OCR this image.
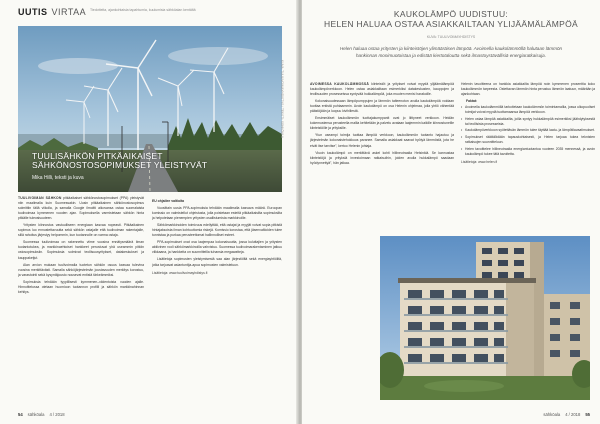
UUTIS VIRTAA Tiedotteita, ajankohtaisia tapahtumia, kuulumisia sähköalan kentältä
TUULISÄHKÖN PITKÄAIKAISET
SÄHKÖNOSTOSOPIMUKSET YLEISTYVÄT
Mika Hilli, teksti ja kuva
KUVA: TUULIVOIMAYHDISTYS / TEKSTI: SÄHKÖALA

TUULIVOIMAN SÄHKÖN pitkäaikaiset sähkönostosopimukset (PPA) yleistyvät niin maailmalla kuin Suomessakin. Uusin pitkäaikainen sähkönostosopimus solmittiin tällä viikolla, ja samalla Google ilmoitti aikovansa ostaa suomalaista tuulivoimaa kymmenen vuoden ajan. Sopimuksella varmistetaan sähkön hinta pitkälle tulevaisuuteen.

Yritysten kiinnostus vastuulliseen energiaan kasvaa nopeasti. Pitkäaikainen sopimus luo ennustettavuutta sekä sähkön ostajalle että tuulivoiman rakentajalle, sillä rahoitus järjestyy helpommin, kun tuotannolle on varma ostaja.

Suomessa tuulivoimaa on rakennettu viime vuosina ennätysmäärä ilman tuotantotukea, ja markkinaehtoiset hankkeet perustuvat yhä useammin pitkiin ostosopimuksiin. Sopimuksia solmivat teollisuusyritykset, datakeskukset ja kauppaketjut.

Alan arvion mukaan tuulivoimalla tuotetun sähkön osuus kasvaa tulevina vuosina merkittävästi. Samalla sähköjärjestelmän joustavuuden merkitys korostuu, ja varastointi sekä kysyntäjousto nousevat entistä tärkeämmiksi.

Sopimuksia tehdään tyypillisesti kymmenen–viidentoista vuoden ajalle. Hinnoittelussa otetaan huomioon tuotannon profiili ja sähkön markkinahinnan kehitys.

EU ohjailee valtioita

Vuosittain uusia PPA-sopimuksia tehdään maailmalla kasvava määrä. Euroopan komissio on valmistellut ohjeistusta, jolla poistetaan esteitä pitkäaikaisilta sopimuksilta ja helpotetaan pienempien yritysten osallistumista markkinoille.

Sähkömarkkinoiden toimivuus edellyttää, että ostajat ja myyjät voivat sopia pitkistä hintajaksoista ilman kohtuuttomia riskejä. Komissio korostaa, että jäsenvaltioiden tulee tunnistaa ja purkaa perusteettomat hallinnolliset esteet.

PPA-sopimukset ovat osa laajempaa kokonaisuutta, jossa kuluttajien ja yritysten aktiivinen rooli sähkömarkkinoilla vahvistuu. Suomessa tuulivoimarakentaminen jatkuu vilkkaana, ja hankkeita on suunnitteilla tuhansia megawatteja.

Lisätietoja sopimusten yleistymisestä saa alan järjestöiltä sekä energiayhtiöiltä, jotka tarjoavat asiantuntija-apua sopimusten valmisteluun.

Lisätietoja: www.tuulivoimayhdistys.fi

54 sähköala 4 / 2018
KAUKOLÄMPÖ UUDISTUU:
HELEN HALUAA OSTAA ASIAKKAILTAAN YLIJÄÄMÄLÄMPÖÄ
KUVA: TUULIVOIMAYHDISTYS
Helen haluaa ostaa yritysten ja kiinteistöjen ylimääräisen lämpöä. Avoimella kaukolämmöllä halutaan lämmön hankinnan monimuotoistaa ja edistää kiertotaloutta sekä ilmastoystävällisiä energiaratkaisuja.

AVOIMESSA KAUKOLÄMMÖSSÄ kiinteistöt ja yritykset voivat myydä ylijäämälämpöä kaukolämpöverkkoon. Helen ostaa asiakkailtaan esimerkiksi datakeskusten, kauppojen ja teollisuuden prosesseissa syntyvää hukkalämpöä, joka muuten menisi harakoille.

Kokonaisuudessaan lämpöpumppujen ja lämmön talteenoton avulla kaukolämpöä voidaan tuottaa entistä puhtaammin. Avoin kaukolämpö on osa Helenin ohjelmaa, jolla yhtiö vähentää päästöjään ja luopuu kivihiilestä.

Ensimmäiset kaukolämmön tuottajakumppanit ovat jo liittyneet verkkoon. Heidän kokemustensa perusteella mallia kehitetään ja palvelu avataan laajemmin kaikille kiinnostuneille kiinteistöille ja yrityksille.

“Kun useampi toimija tuottaa lämpöä verkkoon, kaukolämmön tuotanto hajautuu ja järjestelmän kokonaistehokkuus paranee. Samalla asiakkaat saavat hyötyä lämmöstä, jota he eivät itse tarvitse”, kertoo Helenin johtaja.

“Avoin kaukolämpö on merkittävä askel kohti hiilineutraalia Helsinkiä. Se kannustaa kiinteistöjä ja yrityksiä investoimaan ratkaisuihin, joiden avulla hukkalämpö saadaan hyödynnettyä”, hän jatkaa.

Helenin tavoitteena on hankkia asiakkailta lämpöä noin kymmenen prosenttia koko kaukolämmön tarpeesta. Ostettavan lämmön hinta perustuu lämmön laatuun, määrään ja ajankohtaan.

Faktat:

• Avoimella kaukolämmöllä tarkoitetaan kaukolämmön toimintamallia, jossa ulkopuoliset toimijat voivat myydä tuottamaansa lämpöä verkkoon.
• Helen ostaa lämpöä asiakkailta, joilla syntyy hukkalämpöä esimerkiksi jäähdytyksestä tai teollisista prosesseista.
• Kaukolämpöverkkoon syötettävän lämmön tulee täyttää laatu- ja lämpötilavaatimukset.
• Sopimukset räätälöidään tapauskohtaisesti, ja Helen tarjoaa tukea teknisten ratkaisujen suunnitteluun.
• Helen tavoittelee hiilineutraalia energiantuotantoa vuoteen 2035 mennessä, ja avoin kaukolämpö tukee tätä tavoitetta.

Lisätietoja: www.helen.fi

sähköala 4 / 2018 55
